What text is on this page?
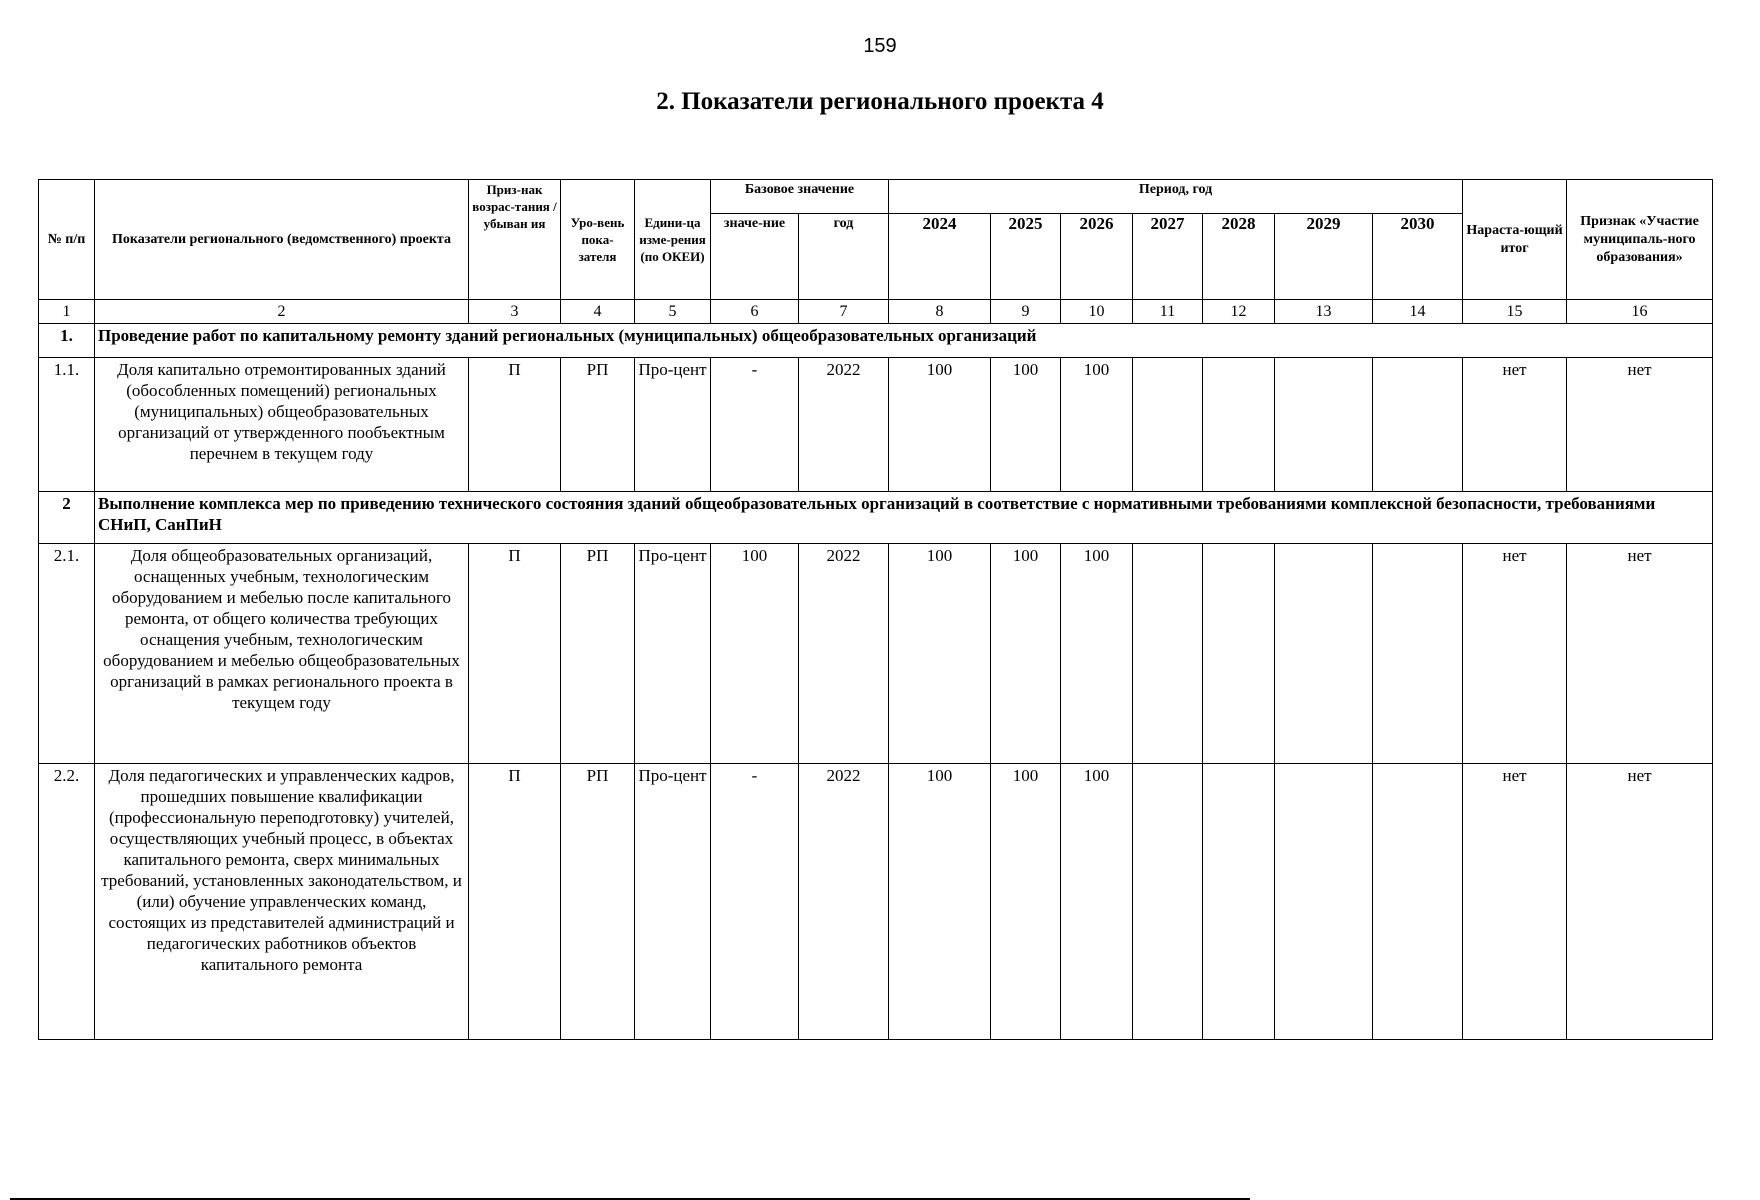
159
2. Показатели регионального проекта 4
№ п/п	Показатели регионального (ведомственного) проекта	Приз-нак возрас-тания / убыван ия	Уро-вень пока-зателя	Едини-ца изме-рения (по ОКЕИ)	Базовое значение		Период, год							Нараста-ющий итог	Признак «Участие муниципаль-ного образования»
					значе-ние	год	2024	2025	2026	2027	2028	2029	2030		
1	2	3	4	5	6	7	8	9	10	11	12	13	14	15	16
1.	Проведение работ по капитальному ремонту зданий региональных (муниципальных) общеобразовательных организаций														
1.1.	Доля капитально отремонтированных зданий (обособленных помещений) региональных (муниципальных) общеобразовательных организаций от утвержденного пообъектным перечнем в текущем году	П	РП	Про-цент	-	2022	100	100	100					нет	нет
2	Выполнение комплекса мер по приведению технического состояния зданий общеобразовательных организаций в соответствие с нормативными требованиями комплексной безопасности, требованиями СНиП, СанПиН														
2.1.	Доля общеобразовательных организаций, оснащенных учебным, технологическим оборудованием и мебелью после капитального ремонта, от общего количества требующих оснащения учебным, технологическим оборудованием и мебелью общеобразовательных организаций в рамках регионального проекта в текущем году	П	РП	Про-цент	100	2022	100	100	100					нет	нет
2.2.	Доля педагогических и управленческих кадров, прошедших повышение квалификации (профессиональную переподготовку) учителей, осуществляющих учебный процесс, в объектах капитального ремонта, сверх минимальных требований, установленных законодательством, и (или) обучение управленческих команд, состоящих из представителей администраций и педагогических работников объектов капитального ремонта	П	РП	Про-цент	-	2022	100	100	100					нет	нет
